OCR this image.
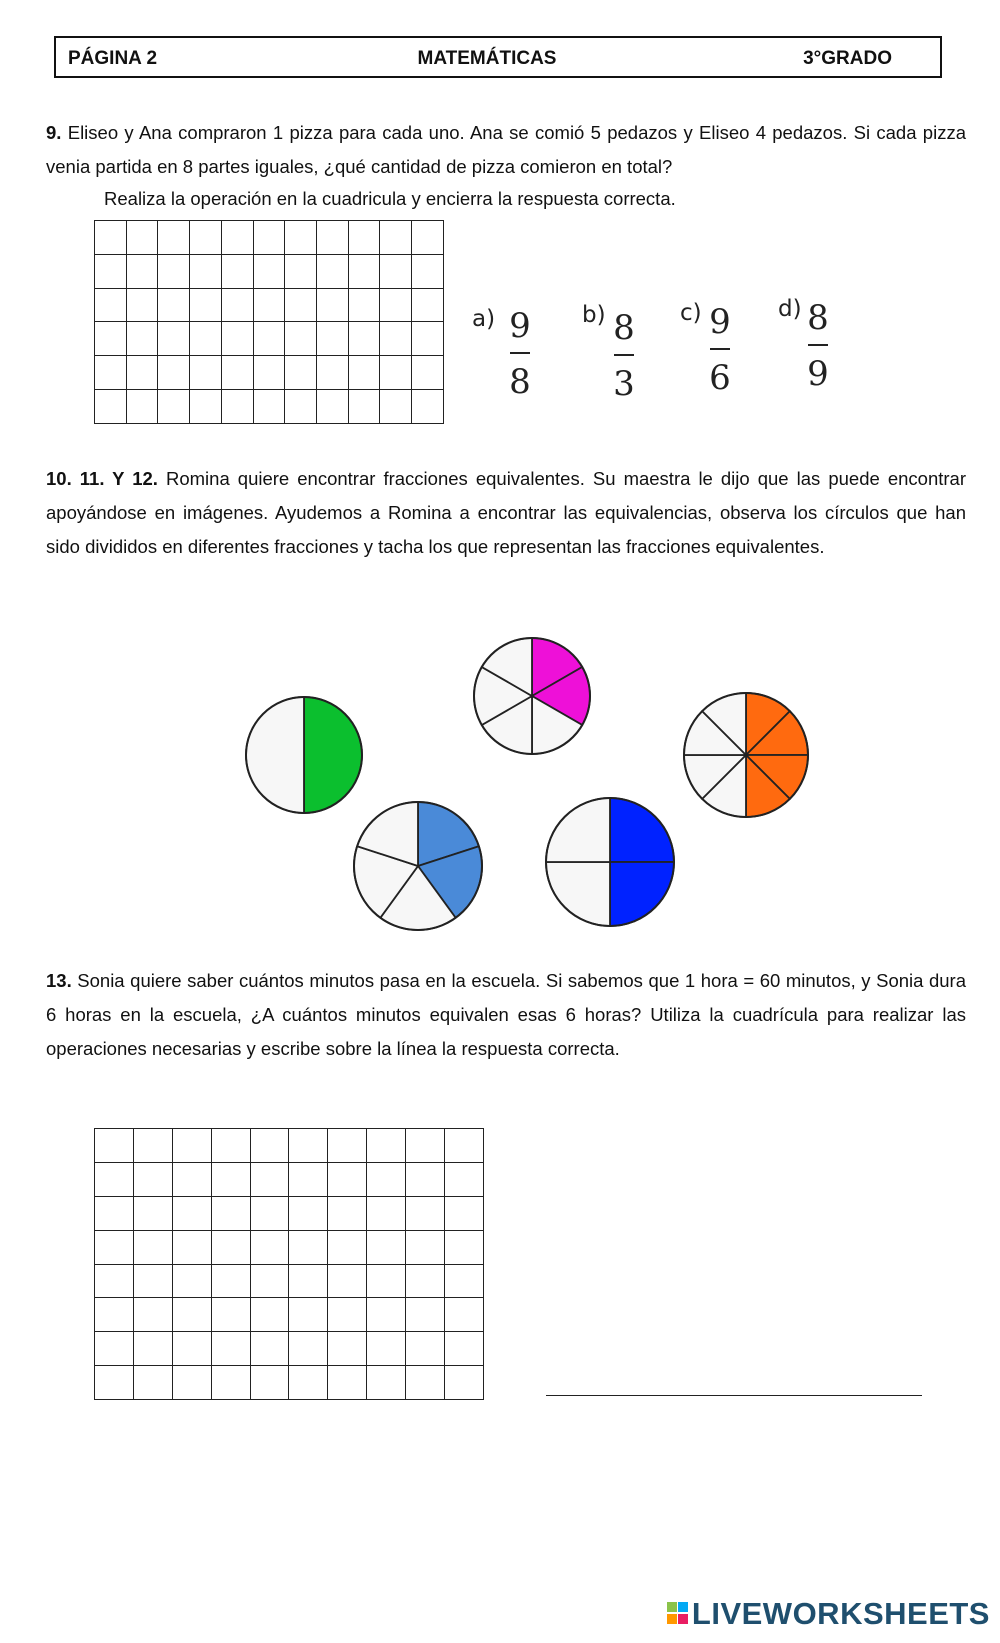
PÁGINA 2	MATEMÁTICAS	3°GRADO
9. Eliseo y Ana compraron 1 pizza para cada uno. Ana se comió 5 pedazos y Eliseo 4 pedazos. Si cada pizza venia partida en 8 partes iguales, ¿qué cantidad de pizza comieron en total?
Realiza la operación en la cuadricula y encierra la respuesta correcta.

a) 9
8
b) 8
3
c) 9
6
d) 8
9
10. 11. Y 12. Romina quiere encontrar fracciones equivalentes. Su maestra le dijo que las puede encontrar apoyándose en imágenes. Ayudemos a Romina a encontrar las equivalencias, observa los círculos que han sido divididos en diferentes fracciones y tacha los que representan las fracciones equivalentes.
13. Sonia quiere saber cuántos minutos pasa en la escuela. Si sabemos que 1 hora = 60 minutos, y Sonia dura 6 horas en la escuela, ¿A cuántos minutos equivalen esas 6 horas? Utiliza la cuadrícula para realizar las operaciones necesarias y escribe sobre la línea la respuesta correcta.

LIVEWORKSHEETS
